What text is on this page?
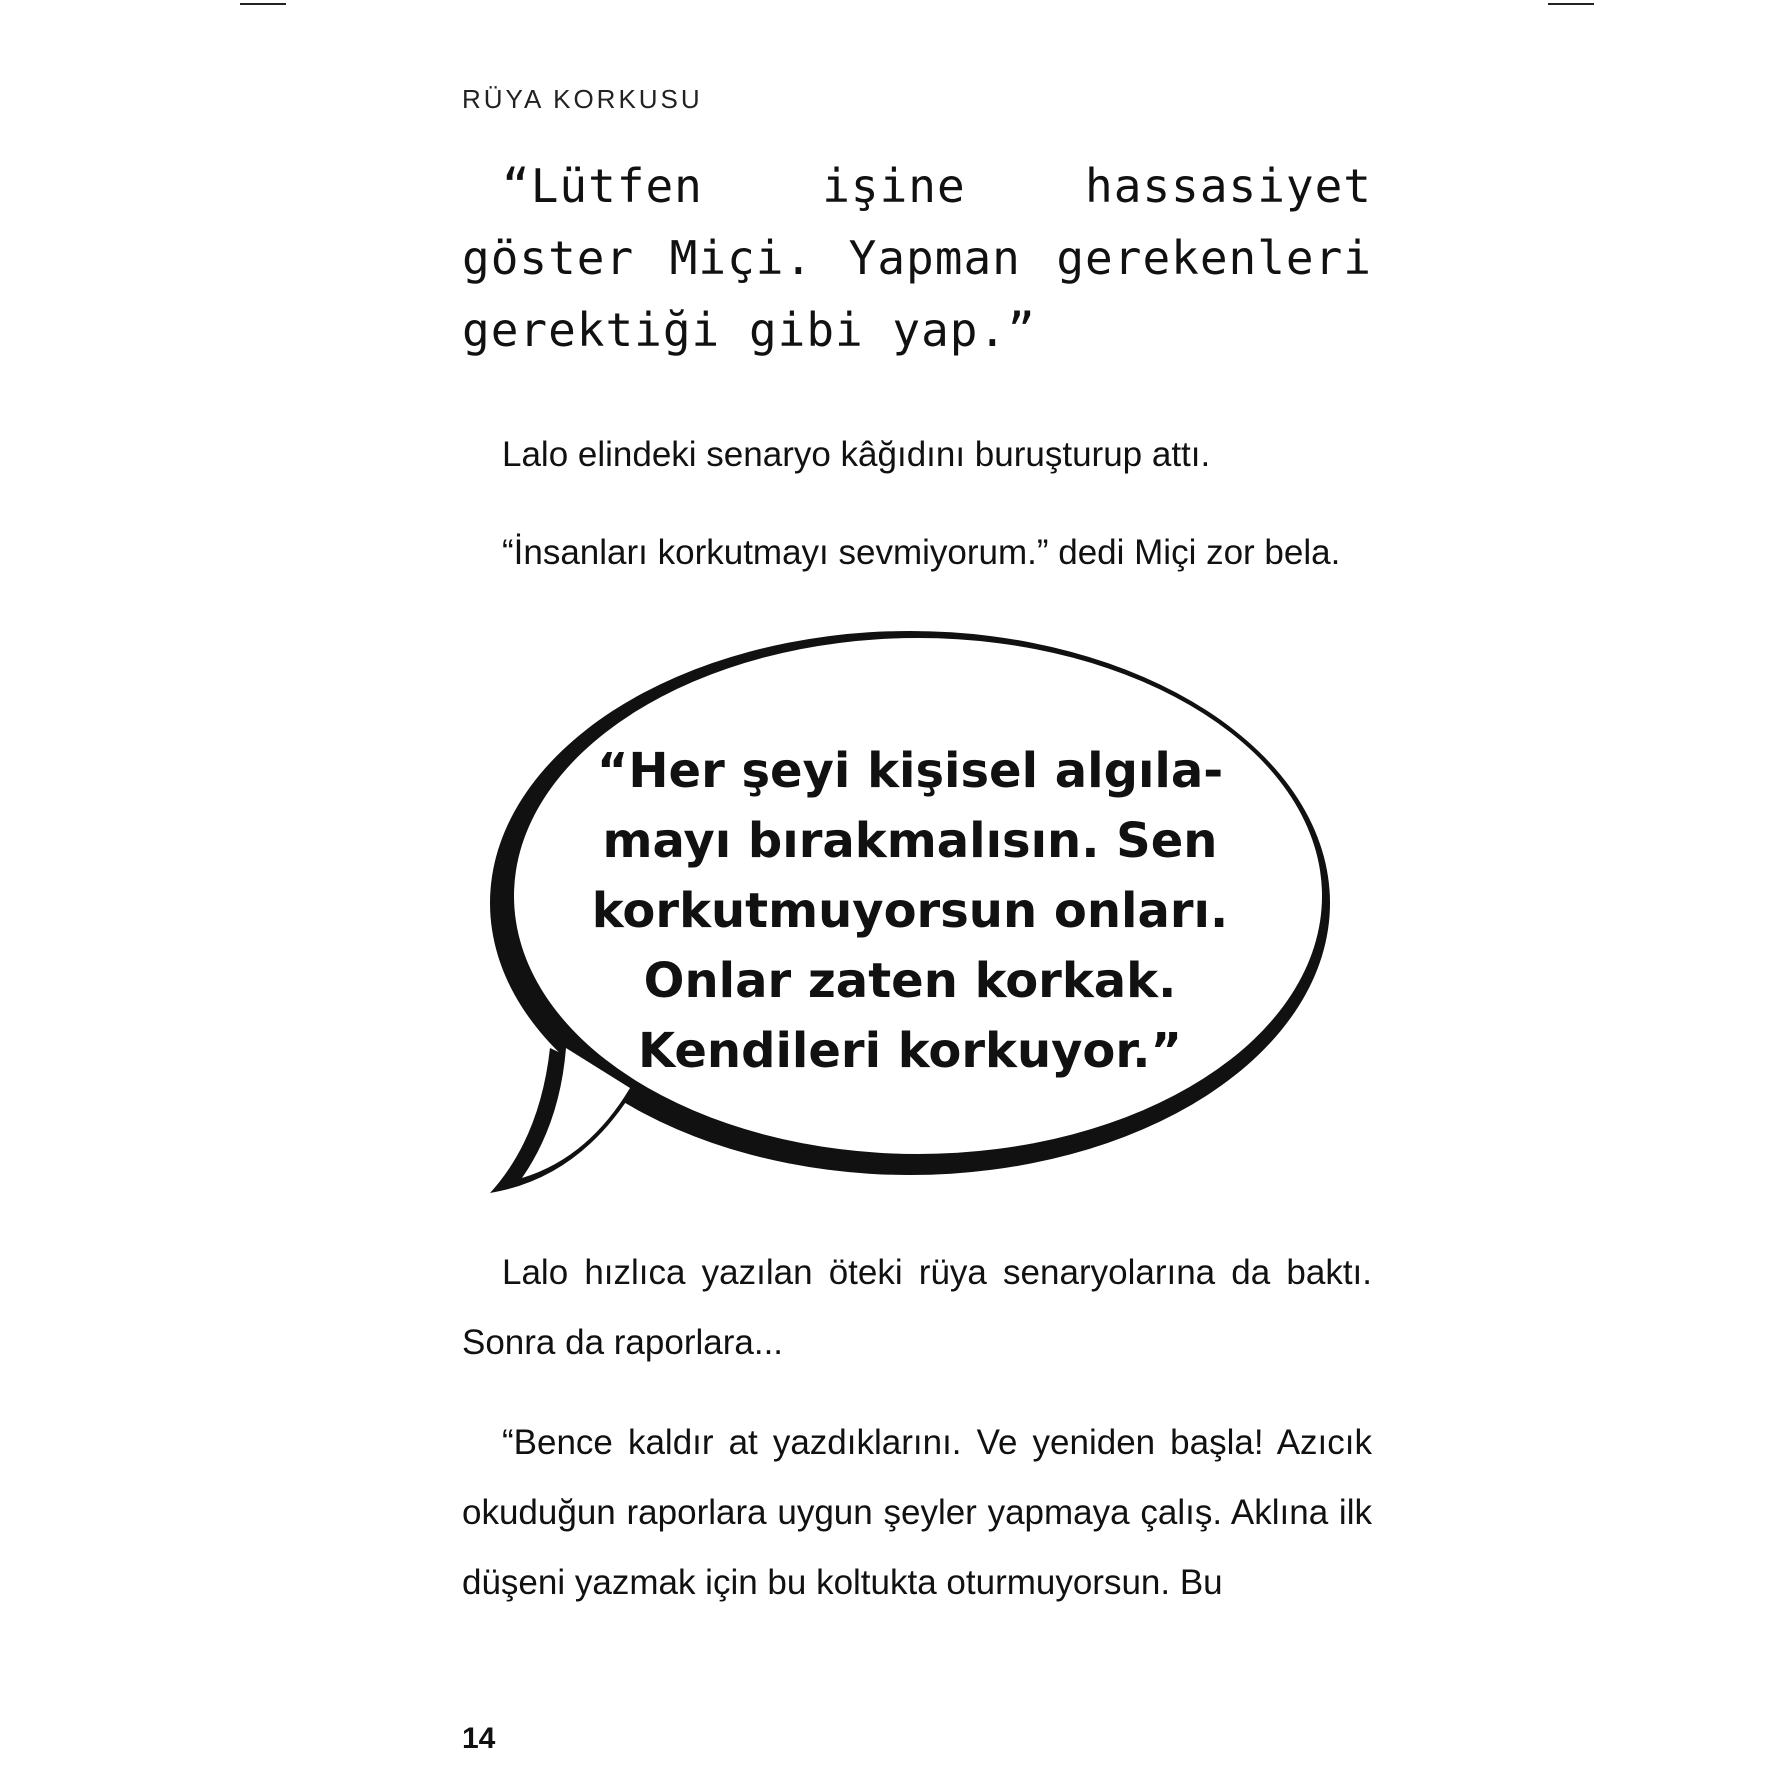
RÜYA KORKUSU

“Lütfen işine hassasiyet göster Miçi. Yapman gerekenleri gerektiği gibi yap.”

Lalo elindeki senaryo kâğıdını buruşturup attı.

“İnsanları korkutmayı sevmiyorum.” dedi Miçi zor bela.

“Her şeyi kişisel algılamayı bırakmalısın. Sen korkutmuyorsun onları. Onlar zaten korkak. Kendileri korkuyor.”

Lalo hızlıca yazılan öteki rüya senaryolarına da baktı. Sonra da raporlara...

“Bence kaldır at yazdıklarını. Ve yeniden başla! Azıcık okuduğun raporlara uygun şeyler yapmaya çalış. Aklına ilk düşeni yazmak için bu koltukta oturmuyorsun. Bu

14
